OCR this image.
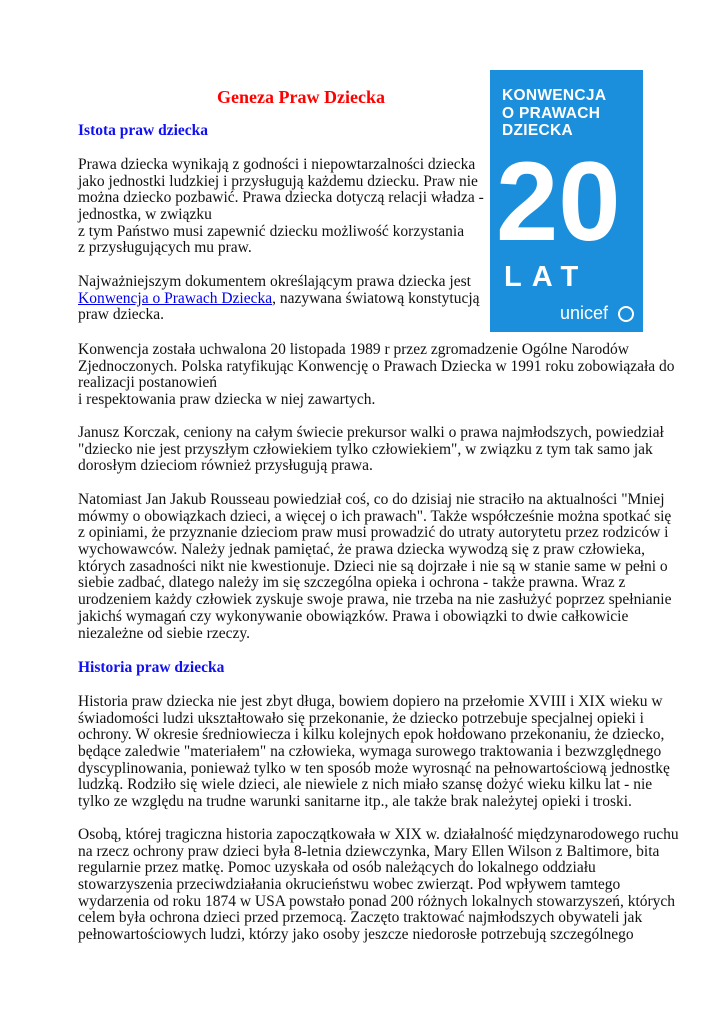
Geneza Praw Dziecka
Istota praw dziecka
Prawa dziecka wynikają z godności i niepowtarzalności dziecka
jako jednostki ludzkiej i przysługują każdemu dziecku. Praw nie
można dziecko pozbawić. Prawa dziecka dotyczą relacji władza -
jednostka, w związku
z tym Państwo musi zapewnić dziecku możliwość korzystania
z przysługujących mu praw.
Najważniejszym dokumentem określającym prawa dziecka jest
Konwencja o Prawach Dziecka, nazywana światową konstytucją
praw dziecka.
Konwencja została uchwalona 20 listopada 1989 r przez zgromadzenie Ogólne Narodów
Zjednoczonych. Polska ratyfikując Konwencję o Prawach Dziecka w 1991 roku zobowiązała do
realizacji postanowień
i respektowania praw dziecka w niej zawartych.
Janusz Korczak, ceniony na całym świecie prekursor walki o prawa najmłodszych, powiedział
"dziecko nie jest przyszłym człowiekiem tylko człowiekiem", w związku z tym tak samo jak
dorosłym dzieciom również przysługują prawa.
Natomiast Jan Jakub Rousseau powiedział coś, co do dzisiaj nie straciło na aktualności "Mniej
mówmy o obowiązkach dzieci, a więcej o ich prawach". Także współcześnie można spotkać się
z opiniami, że przyznanie dzieciom praw musi prowadzić do utraty autorytetu przez rodziców i
wychowawców. Należy jednak pamiętać, że prawa dziecka wywodzą się z praw człowieka,
których zasadności nikt nie kwestionuje. Dzieci nie są dojrzałe i nie są w stanie same w pełni o
siebie zadbać, dlatego należy im się szczególna opieka i ochrona - także prawna. Wraz z
urodzeniem każdy człowiek zyskuje swoje prawa, nie trzeba na nie zasłużyć poprzez spełnianie
jakichś wymagań czy wykonywanie obowiązków. Prawa i obowiązki to dwie całkowicie
niezależne od siebie rzeczy.
Historia praw dziecka
Historia praw dziecka nie jest zbyt długa, bowiem dopiero na przełomie XVIII i XIX wieku w
świadomości ludzi ukształtowało się przekonanie, że dziecko potrzebuje specjalnej opieki i
ochrony. W okresie średniowiecza i kilku kolejnych epok hołdowano przekonaniu, że dziecko,
będące zaledwie "materiałem" na człowieka, wymaga surowego traktowania i bezwzględnego
dyscyplinowania, ponieważ tylko w ten sposób może wyrosnąć na pełnowartościową jednostkę
ludzką. Rodziło się wiele dzieci, ale niewiele z nich miało szansę dożyć wieku kilku lat - nie
tylko ze względu na trudne warunki sanitarne itp., ale także brak należytej opieki i troski.
Osobą, której tragiczna historia zapoczątkowała w XIX w. działalność międzynarodowego ruchu
na rzecz ochrony praw dzieci była 8-letnia dziewczynka, Mary Ellen Wilson z Baltimore, bita
regularnie przez matkę. Pomoc uzyskała od osób należących do lokalnego oddziału
stowarzyszenia przeciwdziałania okrucieństwu wobec zwierząt. Pod wpływem tamtego
wydarzenia od roku 1874 w USA powstało ponad 200 różnych lokalnych stowarzyszeń, których
celem była ochrona dzieci przed przemocą. Zaczęto traktować najmłodszych obywateli jak
pełnowartościowych ludzi, którzy jako osoby jeszcze niedorosłe potrzebują szczególnego
KONWENCJA
O PRAWACH
DZIECKA
20
LAT
unicef
